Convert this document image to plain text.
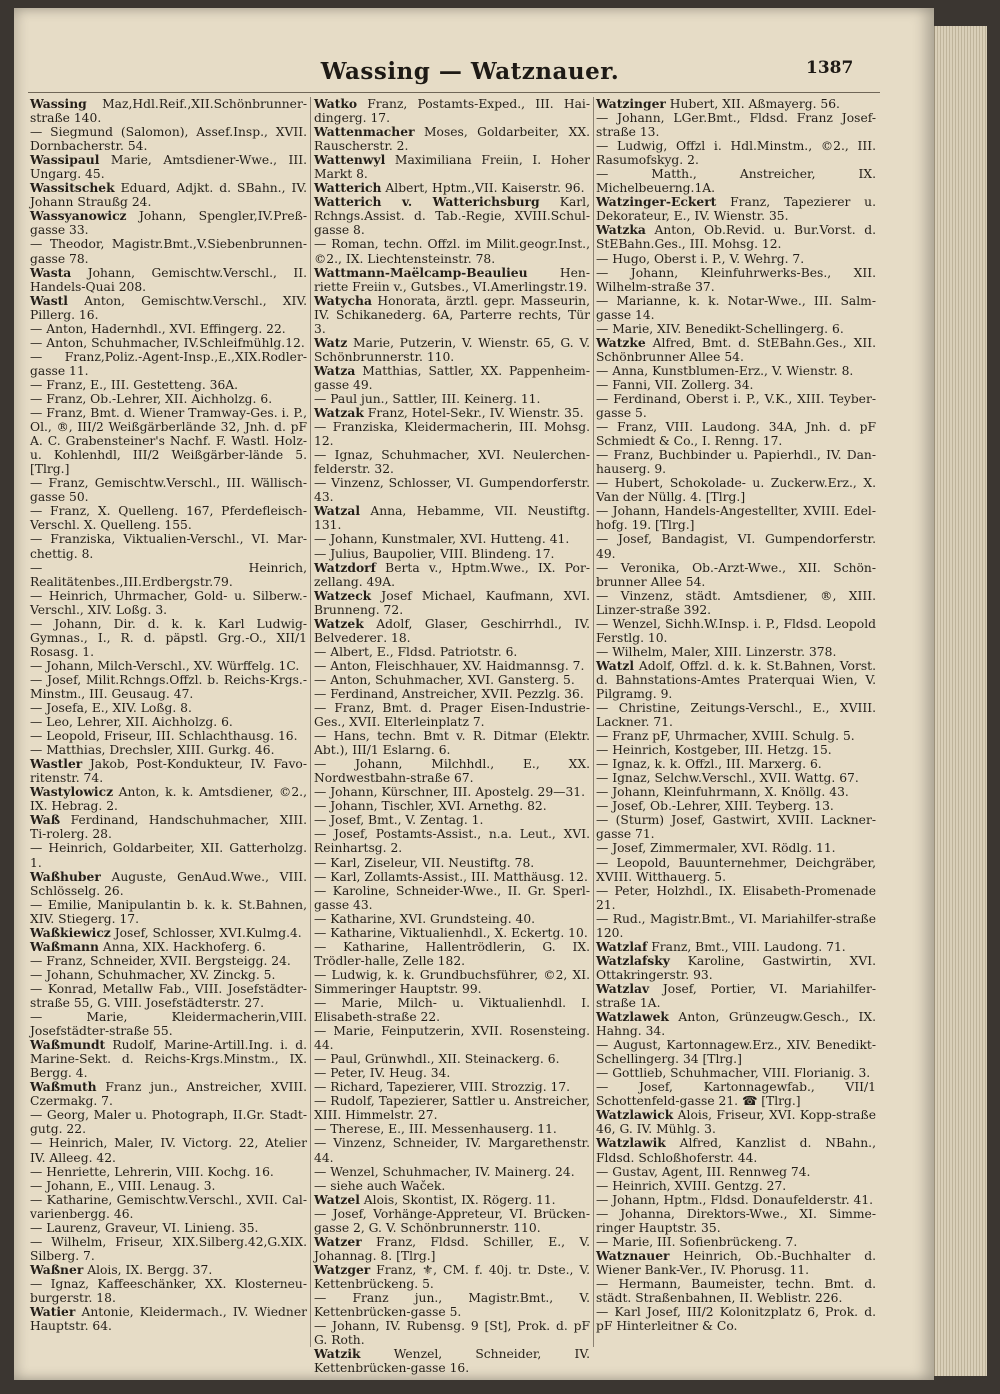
Wassing — Watznauer.	1387
Wassing Maz,Hdl.Reif.,XII.Schönbrunner-straße 140.
— Siegmund (Salomon), Assef.Insp., XVII. Dornbacherstr. 54.
Wassipaul Marie, Amtsdiener-Wwe., III. Ungarg. 45.
Wassitschek Eduard, Adjkt. d. SBahn., IV. Johann Straußg 24.
Wassyanowicz Johann, Spengler,IV.Preß-gasse 33.
— Theodor, Magistr.Bmt.,V.Siebenbrunnen-gasse 78.
Wasta Johann, Gemischtw.Verschl., II. Handels-Quai 208.
Wastl Anton, Gemischtw.Verschl., XIV. Pillerg. 16.
— Anton, Hadernhdl., XVI. Effingerg. 22.
— Anton, Schuhmacher, IV.Schleifmühlg.12.
— Franz,Poliz.-Agent-Insp.,E.,XIX.Rodler-gasse 11.
— Franz, E., III. Gestetteng. 36A.
— Franz, Ob.-Lehrer, XII. Aichholzg. 6.
— Franz, Bmt. d. Wiener Tramway-Ges. i. P., Ol., ®, III/2 Weißgärberlände 32, Jnh. d. pF A. C. Grabensteiner's Nachf. F. Wastl. Holz- u. Kohlenhdl, III/2 Weißgärber-lände 5. [Tlrg.]
— Franz, Gemischtw.Verschl., III. Wällisch-gasse 50.
— Franz, X. Quelleng. 167, Pferdefleisch-Verschl. X. Quelleng. 155.
— Franziska, Viktualien-Verschl., VI. Mar-chettig. 8.
— Heinrich, Realitätenbes.,III.Erdbergstr.79.
— Heinrich, Uhrmacher, Gold- u. Silberw.-Verschl., XIV. Loßg. 3.
— Johann, Dir. d. k. k. Karl Ludwig-Gymnas., I., R. d. päpstl. Grg.-O., XII/1 Rosasg. 1.
— Johann, Milch-Verschl., XV. Würffelg. 1C.
— Josef, Milit.Rchngs.Offzl. b. Reichs-Krgs.-Minstm., III. Geusaug. 47.
— Josefa, E., XIV. Loßg. 8.
— Leo, Lehrer, XII. Aichholzg. 6.
— Leopold, Friseur, III. Schlachthausg. 16.
— Matthias, Drechsler, XIII. Gurkg. 46.
Wastler Jakob, Post-Kondukteur, IV. Favo-ritenstr. 74.
Wastylowicz Anton, k. k. Amtsdiener, ©2., IX. Hebrag. 2.
Waß Ferdinand, Handschuhmacher, XIII. Ti-rolerg. 28.
— Heinrich, Goldarbeiter, XII. Gatterholzg. 1.
Waßhuber Auguste, GenAud.Wwe., VIII. Schlösselg. 26.
— Emilie, Manipulantin b. k. k. St.Bahnen, XIV. Stiegerg. 17.
Waßkiewicz Josef, Schlosser, XVI.Kulmg.4.
Waßmann Anna, XIX. Hackhoferg. 6.
— Franz, Schneider, XVII. Bergsteigg. 24.
— Johann, Schuhmacher, XV. Zinckg. 5.
— Konrad, Metallw Fab., VIII. Josefstädter-straße 55, G. VIII. Josefstädterstr. 27.
— Marie, Kleidermacherin,VIII. Josefstädter-straße 55.
Waßmundt Rudolf, Marine-Artill.Ing. i. d. Marine-Sekt. d. Reichs-Krgs.Minstm., IX. Bergg. 4.
Waßmuth Franz jun., Anstreicher, XVIII. Czermakg. 7.
— Georg, Maler u. Photograph, II.Gr. Stadt-gutg. 22.
— Heinrich, Maler, IV. Victorg. 22, Atelier IV. Alleeg. 42.
— Henriette, Lehrerin, VIII. Kochg. 16.
— Johann, E., VIII. Lenaug. 3.
— Katharine, Gemischtw.Verschl., XVII. Cal-varienbergg. 46.
— Laurenz, Graveur, VI. Linieng. 35.
— Wilhelm, Friseur, XIX.Silberg.42,G.XIX. Silberg. 7.
Waßner Alois, IX. Bergg. 37.
— Ignaz, Kaffeeschänker, XX. Klosterneu-burgerstr. 18.
Watier Antonie, Kleidermach., IV. Wiedner Hauptstr. 64.
Watko Franz, Postamts-Exped., III. Hai-dingerg. 17.
Wattenmacher Moses, Goldarbeiter, XX. Rauscherstr. 2.
Wattenwyl Maximiliana Freiin, I. Hoher Markt 8.
Watterich Albert, Hptm.,VII. Kaiserstr. 96.
Watterich v. Watterichsburg Karl, Rchngs.Assist. d. Tab.-Regie, XVIII.Schul-gasse 8.
— Roman, techn. Offzl. im Milit.geogr.Inst., ©2., IX. Liechtensteinstr. 78.
Wattmann-Maëlcamp-Beaulieu Hen-riette Freiin v., Gutsbes., VI.Amerlingstr.19.
Watycha Honorata, ärztl. gepr. Masseurin, IV. Schikanederg. 6A, Parterre rechts, Tür 3.
Watz Marie, Putzerin, V. Wienstr. 65, G. V. Schönbrunnerstr. 110.
Watza Matthias, Sattler, XX. Pappenheim-gasse 49.
— Paul jun., Sattler, III. Keinerg. 11.
Watzak Franz, Hotel-Sekr., IV. Wienstr. 35.
— Franziska, Kleidermacherin, III. Mohsg. 12.
— Ignaz, Schuhmacher, XVI. Neulerchen-felderstr. 32.
— Vinzenz, Schlosser, VI. Gumpendorferstr. 43.
Watzal Anna, Hebamme, VII. Neustiftg. 131.
— Johann, Kunstmaler, XVI. Hutteng. 41.
— Julius, Baupolier, VIII. Blindeng. 17.
Watzdorf Berta v., Hptm.Wwe., IX. Por-zellang. 49A.
Watzeck Josef Michael, Kaufmann, XVI. Brunneng. 72.
Watzek Adolf, Glaser, Geschirrhdl., IV. Belvederег. 18.
— Albert, E., Fldsd. Patriotstr. 6.
— Anton, Fleischhauer, XV. Haidmannsg. 7.
— Anton, Schuhmacher, XVI. Gansterg. 5.
— Ferdinand, Anstreicher, XVII. Pezzlg. 36.
— Franz, Bmt. d. Prager Eisen-Industrie-Ges., XVII. Elterleinplatz 7.
— Hans, techn. Bmt v. R. Ditmar (Elektr. Abt.), III/1 Eslarng. 6.
— Johann, Milchhdl., E., XX. Nordwestbahn-straße 67.
— Johann, Kürschner, III. Apostelg. 29—31.
— Johann, Tischler, XVI. Arnethg. 82.
— Josef, Bmt., V. Zentag. 1.
— Josef, Postamts-Assist., n.a. Leut., XVI. Reinhartsg. 2.
— Karl, Ziseleur, VII. Neustiftg. 78.
— Karl, Zollamts-Assist., III. Matthäusg. 12.
— Karoline, Schneider-Wwe., II. Gr. Sperl-gasse 43.
— Katharine, XVI. Grundsteing. 40.
— Katharine, Viktualienhdl., X. Eckertg. 10.
— Katharine, Hallentrödlerin, G. IX. Trödler-halle, Zelle 182.
— Ludwig, k. k. Grundbuchsführer, ©2, XI. Simmeringer Hauptstr. 99.
— Marie, Milch- u. Viktualienhdl. I. Elisabeth-straße 22.
— Marie, Feinputzerin, XVII. Rosensteing. 44.
— Paul, Grünwhdl., XII. Steinackerg. 6.
— Peter, IV. Heug. 34.
— Richard, Tapezierer, VIII. Strozzig. 17.
— Rudolf, Tapezierer, Sattler u. Anstreicher, XIII. Himmelstr. 27.
— Therese, E., III. Messenhauserg. 11.
— Vinzenz, Schneider, IV. Margarethenstr. 44.
— Wenzel, Schuhmacher, IV. Mainerg. 24.
— siehe auch Waček.
Watzel Alois, Skontist, IX. Rögerg. 11.
— Josef, Vorhänge-Appreteur, VI. Brücken-gasse 2, G. V. Schönbrunnerstr. 110.
Watzer Franz, Fldsd. Schiller, E., V. Johannag. 8. [Tlrg.]
Watzger Franz, ⚜, CM. f. 40j. tr. Dste., V. Kettenbrückeng. 5.
— Franz jun., Magistr.Bmt., V. Kettenbrücken-gasse 5.
— Johann, IV. Rubensg. 9 [St], Prok. d. pF G. Roth.
Watzik Wenzel, Schneider, IV. Kettenbrücken-gasse 16.
Watzinger Hubert, XII. Aßmayerg. 56.
— Johann, LGer.Bmt., Fldsd. Franz Josef-straße 13.
— Ludwig, Offzl i. Hdl.Minstm., ©2., III. Rasumofskyg. 2.
— Matth., Anstreicher, IX. Michelbeuerng.1A.
Watzinger-Eckert Franz, Tapezierer u. Dekorateur, E., IV. Wienstr. 35.
Watzka Anton, Ob.Revid. u. Bur.Vorst. d. StEBahn.Ges., III. Mohsg. 12.
— Hugo, Oberst i. P., V. Wehrg. 7.
— Johann, Kleinfuhrwerks-Bes., XII. Wilhelm-straße 37.
— Marianne, k. k. Notar-Wwe., III. Salm-gasse 14.
— Marie, XIV. Benedikt-Schellingerg. 6.
Watzke Alfred, Bmt. d. StEBahn.Ges., XII. Schönbrunner Allee 54.
— Anna, Kunstblumen-Erz., V. Wienstr. 8.
— Fanni, VII. Zollerg. 34.
— Ferdinand, Oberst i. P., V.K., XIII. Teyber-gasse 5.
— Franz, VIII. Laudong. 34A, Jnh. d. pF Schmiedt & Co., I. Renng. 17.
— Franz, Buchbinder u. Papierhdl., IV. Dan-hauserg. 9.
— Hubert, Schokolade- u. Zuckerw.Erz., X. Van der Nüllg. 4. [Tlrg.]
— Johann, Handels-Angestellter, XVIII. Edel-hofg. 19. [Tlrg.]
— Josef, Bandagist, VI. Gumpendorferstr. 49.
— Veronika, Ob.-Arzt-Wwe., XII. Schön-brunner Allee 54.
— Vinzenz, städt. Amtsdiener, ®, XIII. Linzer-straße 392.
— Wenzel, Sichh.W.Insp. i. P., Fldsd. Leopold Ferstlg. 10.
— Wilhelm, Maler, XIII. Linzerstr. 378.
Watzl Adolf, Offzl. d. k. k. St.Bahnen, Vorst. d. Bahnstations-Amtes Praterquai Wien, V. Pilgramg. 9.
— Christine, Zeitungs-Verschl., E., XVIII. Lackner. 71.
— Franz pF, Uhrmacher, XVIII. Schulg. 5.
— Heinrich, Kostgeber, III. Hetzg. 15.
— Ignaz, k. k. Offzl., III. Marxerg. 6.
— Ignaz, Selchw.Verschl., XVII. Wattg. 67.
— Johann, Kleinfuhrmann, X. Knöllg. 43.
— Josef, Ob.-Lehrer, XIII. Teyberg. 13.
— (Sturm) Josef, Gastwirt, XVIII. Lackner-gasse 71.
— Josef, Zimmermaler, XVI. Rödlg. 11.
— Leopold, Bauunternehmer, Deichgräber, XVIII. Witthauerg. 5.
— Peter, Holzhdl., IX. Elisabeth-Promenade 21.
— Rud., Magistr.Bmt., VI. Mariahilfer-straße 120.
Watzlaf Franz, Bmt., VIII. Laudong. 71.
Watzlafsky Karoline, Gastwirtin, XVI. Ottakringerstr. 93.
Watzlav Josef, Portier, VI. Mariahilfer-straße 1A.
Watzlawek Anton, Grünzeugw.Gesch., IX. Hahng. 34.
— August, Kartonnagew.Erz., XIV. Benedikt-Schellingerg. 34 [Tlrg.]
— Gottlieb, Schuhmacher, VIII. Florianig. 3.
— Josef, Kartonnagewfab., VII/1 Schottenfeld-gasse 21. ☎ [Tlrg.]
Watzlawick Alois, Friseur, XVI. Kopp-straße 46, G. IV. Mühlg. 3.
Watzlawik Alfred, Kanzlist d. NBahn., Fldsd. Schloßhoferstr. 44.
— Gustav, Agent, III. Rennweg 74.
— Heinrich, XVIII. Gentzg. 27.
— Johann, Hptm., Fldsd. Donaufelderstr. 41.
— Johanna, Direktors-Wwe., XI. Simme-ringer Hauptstr. 35.
— Marie, III. Sofienbrückeng. 7.
Watznauer Heinrich, Ob.-Buchhalter d. Wiener Bank-Ver., IV. Phorusg. 11.
— Hermann, Baumeister, techn. Bmt. d. städt. Straßenbahnen, II. Weblistr. 226.
— Karl Josef, III/2 Kolonitzplatz 6, Prok. d. pF Hinterleitner & Co.
